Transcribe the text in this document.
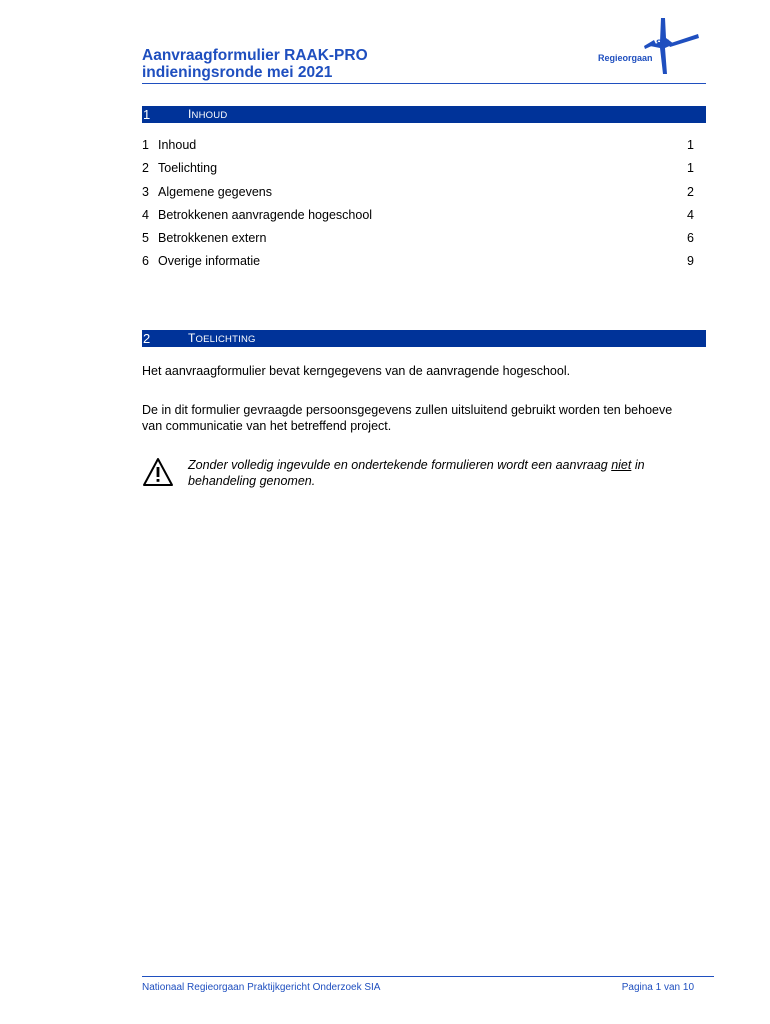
Aanvraagformulier RAAK-PRO
indieningsronde mei 2021
SIA
Regieorgaan
1	INHOUD
1 Inhoud	1
2 Toelichting	1
3 Algemene gegevens	2
4 Betrokkenen aanvragende hogeschool	4
5 Betrokkenen extern	6
6 Overige informatie	9
2	TOELICHTING

Het aanvraagformulier bevat kerngegevens van de aanvragende hogeschool.

De in dit formulier gevraagde persoonsgegevens zullen uitsluitend gebruikt worden ten behoeve
van communicatie van het betreffend project.

Zonder volledig ingevulde en ondertekende formulieren wordt een aanvraag niet in
behandeling genomen.

Nationaal Regieorgaan Praktijkgericht Onderzoek SIA	Pagina 1 van 10
